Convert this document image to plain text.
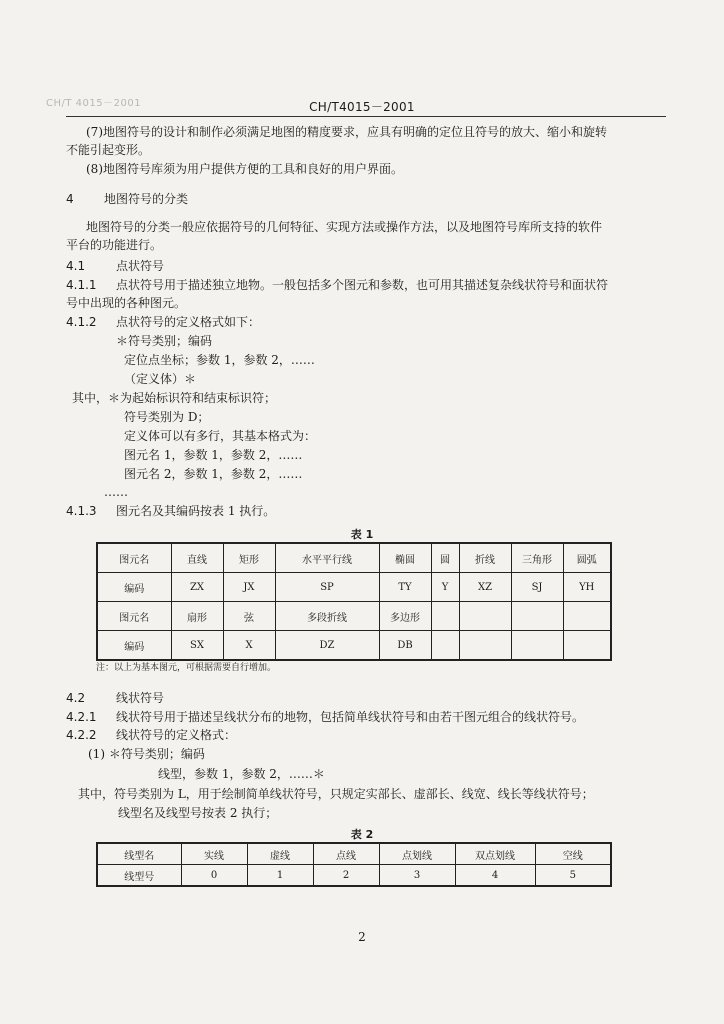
CH/T 4015－2001	CH/T4015－2001
(7)地图符号的设计和制作必须满足地图的精度要求，应具有明确的定位且符号的放大、缩小和旋转
不能引起变形。
(8)地图符号库须为用户提供方便的工具和良好的用户界面。
4	地图符号的分类
地图符号的分类一般应依据符号的几何特征、实现方法或操作方法，以及地图符号库所支持的软件
平台的功能进行。
4.1	点状符号
4.1.1 点状符号用于描述独立地物。一般包括多个图元和参数，也可用其描述复杂线状符号和面状符
号中出现的各种图元。
4.1.2 点状符号的定义格式如下：
＊符号类别；编码
定位点坐标；参数 1，参数 2，……
（定义体）＊
其中，＊为起始标识符和结束标识符；
符号类别为 D；
定义体可以有多行，其基本格式为：
图元名 1，参数 1，参数 2，……
图元名 2，参数 1，参数 2，……
……
4.1.3 图元名及其编码按表 1 执行。
表 1
图元名	直线	矩形	水平平行线	椭圆	圆	折线	三角形	圆弧
编码	ZX	JX	SP	TY	Y	XZ	SJ	YH
图元名	扇形	弦	多段折线	多边形				
编码	SX	X	DZ	DB				
注：以上为基本图元，可根据需要自行增加。
4.2	线状符号
4.2.1 线状符号用于描述呈线状分布的地物，包括简单线状符号和由若干图元组合的线状符号。
4.2.2 线状符号的定义格式：
(1) ＊符号类别；编码
线型，参数 1，参数 2，……＊
其中，符号类别为 L，用于绘制简单线状符号，只规定实部长、虚部长、线宽、线长等线状符号；
线型名及线型号按表 2 执行；
表 2
线型名	实线	虚线	点线	点划线	双点划线	空线
线型号	0	1	2	3	4	5
2
